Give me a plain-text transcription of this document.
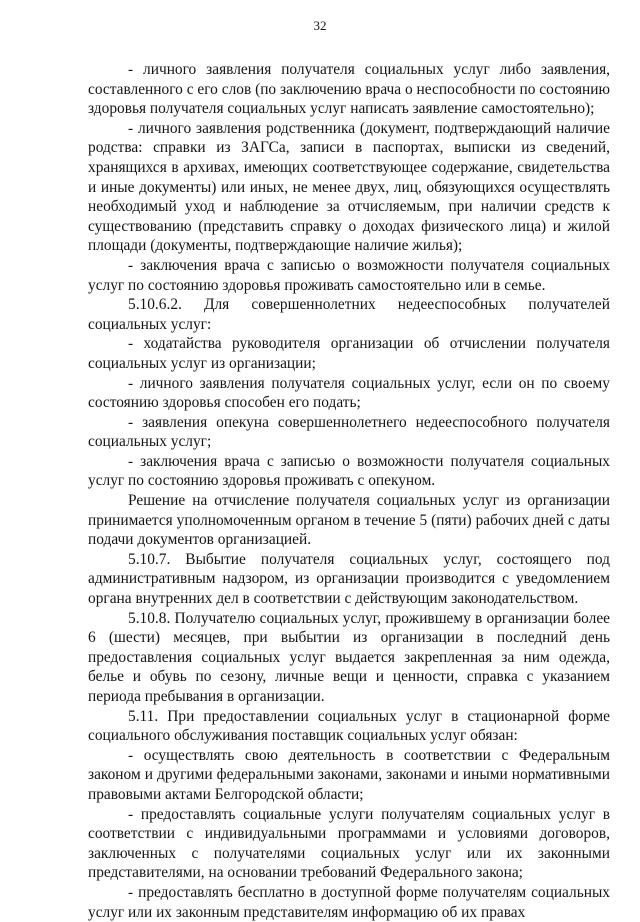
32

- личного заявления получателя социальных услуг либо заявления, составленного с его слов (по заключению врача о неспособности по состоянию здоровья получателя социальных услуг написать заявление самостоятельно);

- личного заявления родственника (документ, подтверждающий наличие родства: справки из ЗАГСа, записи в паспортах, выписки из сведений, хранящихся в архивах, имеющих соответствующее содержание, свидетельства и иные документы) или иных, не менее двух, лиц, обязующихся осуществлять необходимый уход и наблюдение за отчисляемым, при наличии средств к существованию (представить справку о доходах физического лица) и жилой площади (документы, подтверждающие наличие жилья);

- заключения врача с записью о возможности получателя социальных услуг по состоянию здоровья проживать самостоятельно или в семье.

5.10.6.2. Для совершеннолетних недееспособных получателей социальных услуг:

- ходатайства руководителя организации об отчислении получателя социальных услуг из организации;

- личного заявления получателя социальных услуг, если он по своему состоянию здоровья способен его подать;

- заявления опекуна совершеннолетнего недееспособного получателя социальных услуг;

- заключения врача с записью о возможности получателя социальных услуг по состоянию здоровья проживать с опекуном.

Решение на отчисление получателя социальных услуг из организации принимается уполномоченным органом в течение 5 (пяти) рабочих дней с даты подачи документов организацией.

5.10.7. Выбытие получателя социальных услуг, состоящего под административным надзором, из организации производится с уведомлением органа внутренних дел в соответствии с действующим законодательством.

5.10.8. Получателю социальных услуг, прожившему в организации более 6 (шести) месяцев, при выбытии из организации в последний день предоставления социальных услуг выдается закрепленная за ним одежда, белье и обувь по сезону, личные вещи и ценности, справка с указанием периода пребывания в организации.

5.11. При предоставлении социальных услуг в стационарной форме социального обслуживания поставщик социальных услуг обязан:

- осуществлять свою деятельность в соответствии с Федеральным законом и другими федеральными законами, законами и иными нормативными правовыми актами Белгородской области;

- предоставлять социальные услуги получателям социальных услуг в соответствии с индивидуальными программами и условиями договоров, заключенных с получателями социальных услуг или их законными представителями, на основании требований Федерального закона;

- предоставлять бесплатно в доступной форме получателям социальных услуг или их законным представителям информацию об их правах
